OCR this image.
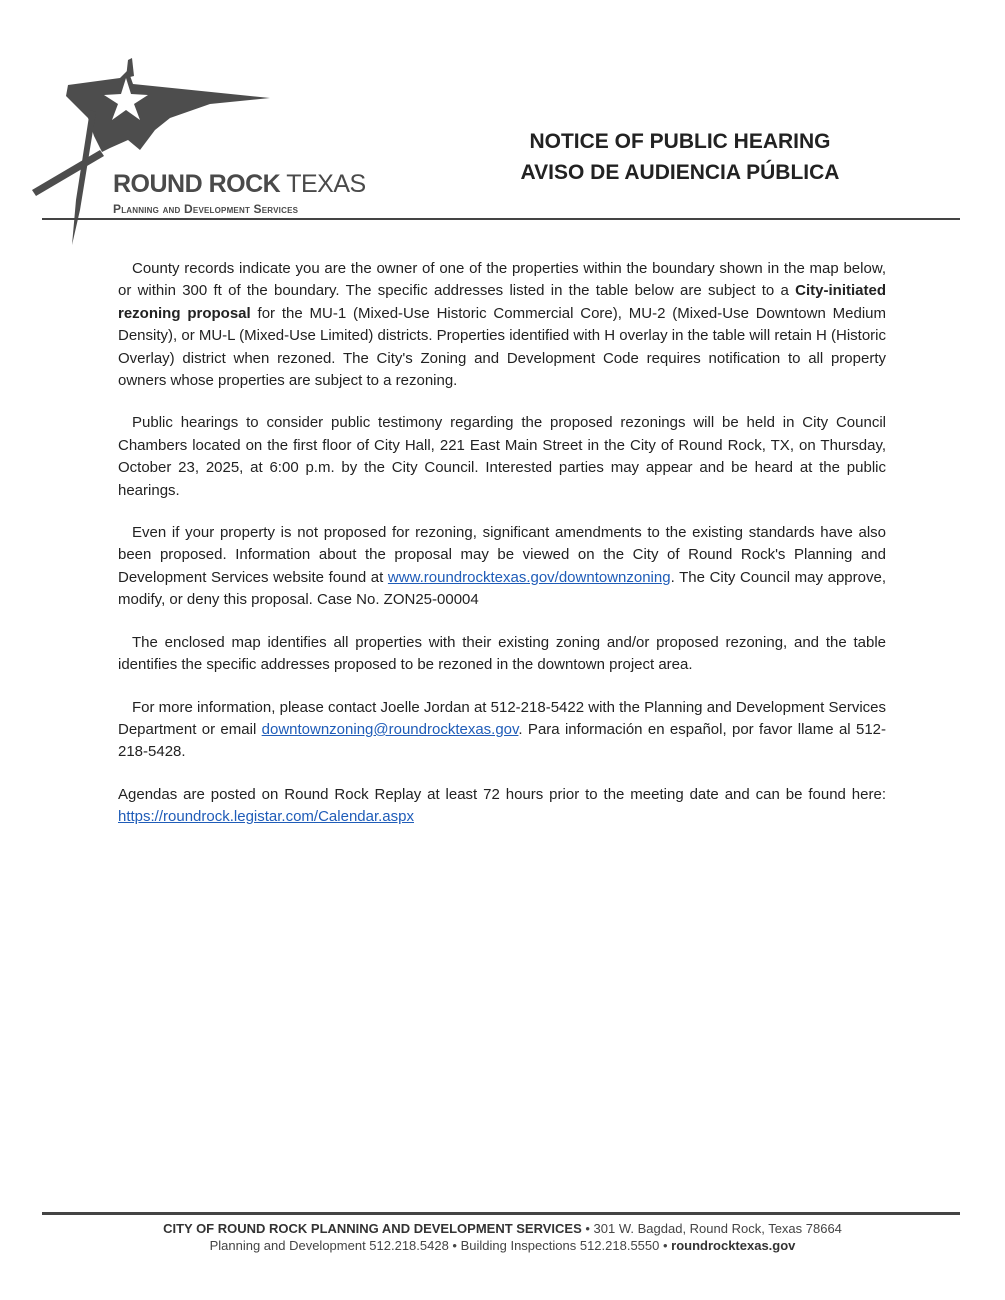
ROUND ROCK TEXAS
Planning and Development Services
NOTICE OF PUBLIC HEARING
AVISO DE AUDIENCIA PÚBLICA

County records indicate you are the owner of one of the properties within the boundary shown in the map below, or within 300 ft of the boundary. The specific addresses listed in the table below are subject to a City-initiated rezoning proposal for the MU-1 (Mixed-Use Historic Commercial Core), MU-2 (Mixed-Use Downtown Medium Density), or MU-L (Mixed-Use Limited) districts. Properties identified with H overlay in the table will retain H (Historic Overlay) district when rezoned. The City's Zoning and Development Code requires notification to all property owners whose properties are subject to a rezoning.

Public hearings to consider public testimony regarding the proposed rezonings will be held in City Council Chambers located on the first floor of City Hall, 221 East Main Street in the City of Round Rock, TX, on Thursday, October 23, 2025, at 6:00 p.m. by the City Council. Interested parties may appear and be heard at the public hearings.

Even if your property is not proposed for rezoning, significant amendments to the existing standards have also been proposed. Information about the proposal may be viewed on the City of Round Rock's Planning and Development Services website found at www.roundrocktexas.gov/downtownzoning. The City Council may approve, modify, or deny this proposal. Case No. ZON25-00004

The enclosed map identifies all properties with their existing zoning and/or proposed rezoning, and the table identifies the specific addresses proposed to be rezoned in the downtown project area.

For more information, please contact Joelle Jordan at 512-218-5422 with the Planning and Development Services Department or email downtownzoning@roundrocktexas.gov. Para información en español, por favor llame al 512-218-5428.

Agendas are posted on Round Rock Replay at least 72 hours prior to the meeting date and can be found here: https://roundrock.legistar.com/Calendar.aspx

CITY OF ROUND ROCK PLANNING AND DEVELOPMENT SERVICES • 301 W. Bagdad, Round Rock, Texas 78664
Planning and Development 512.218.5428 • Building Inspections 512.218.5550 • roundrocktexas.gov
